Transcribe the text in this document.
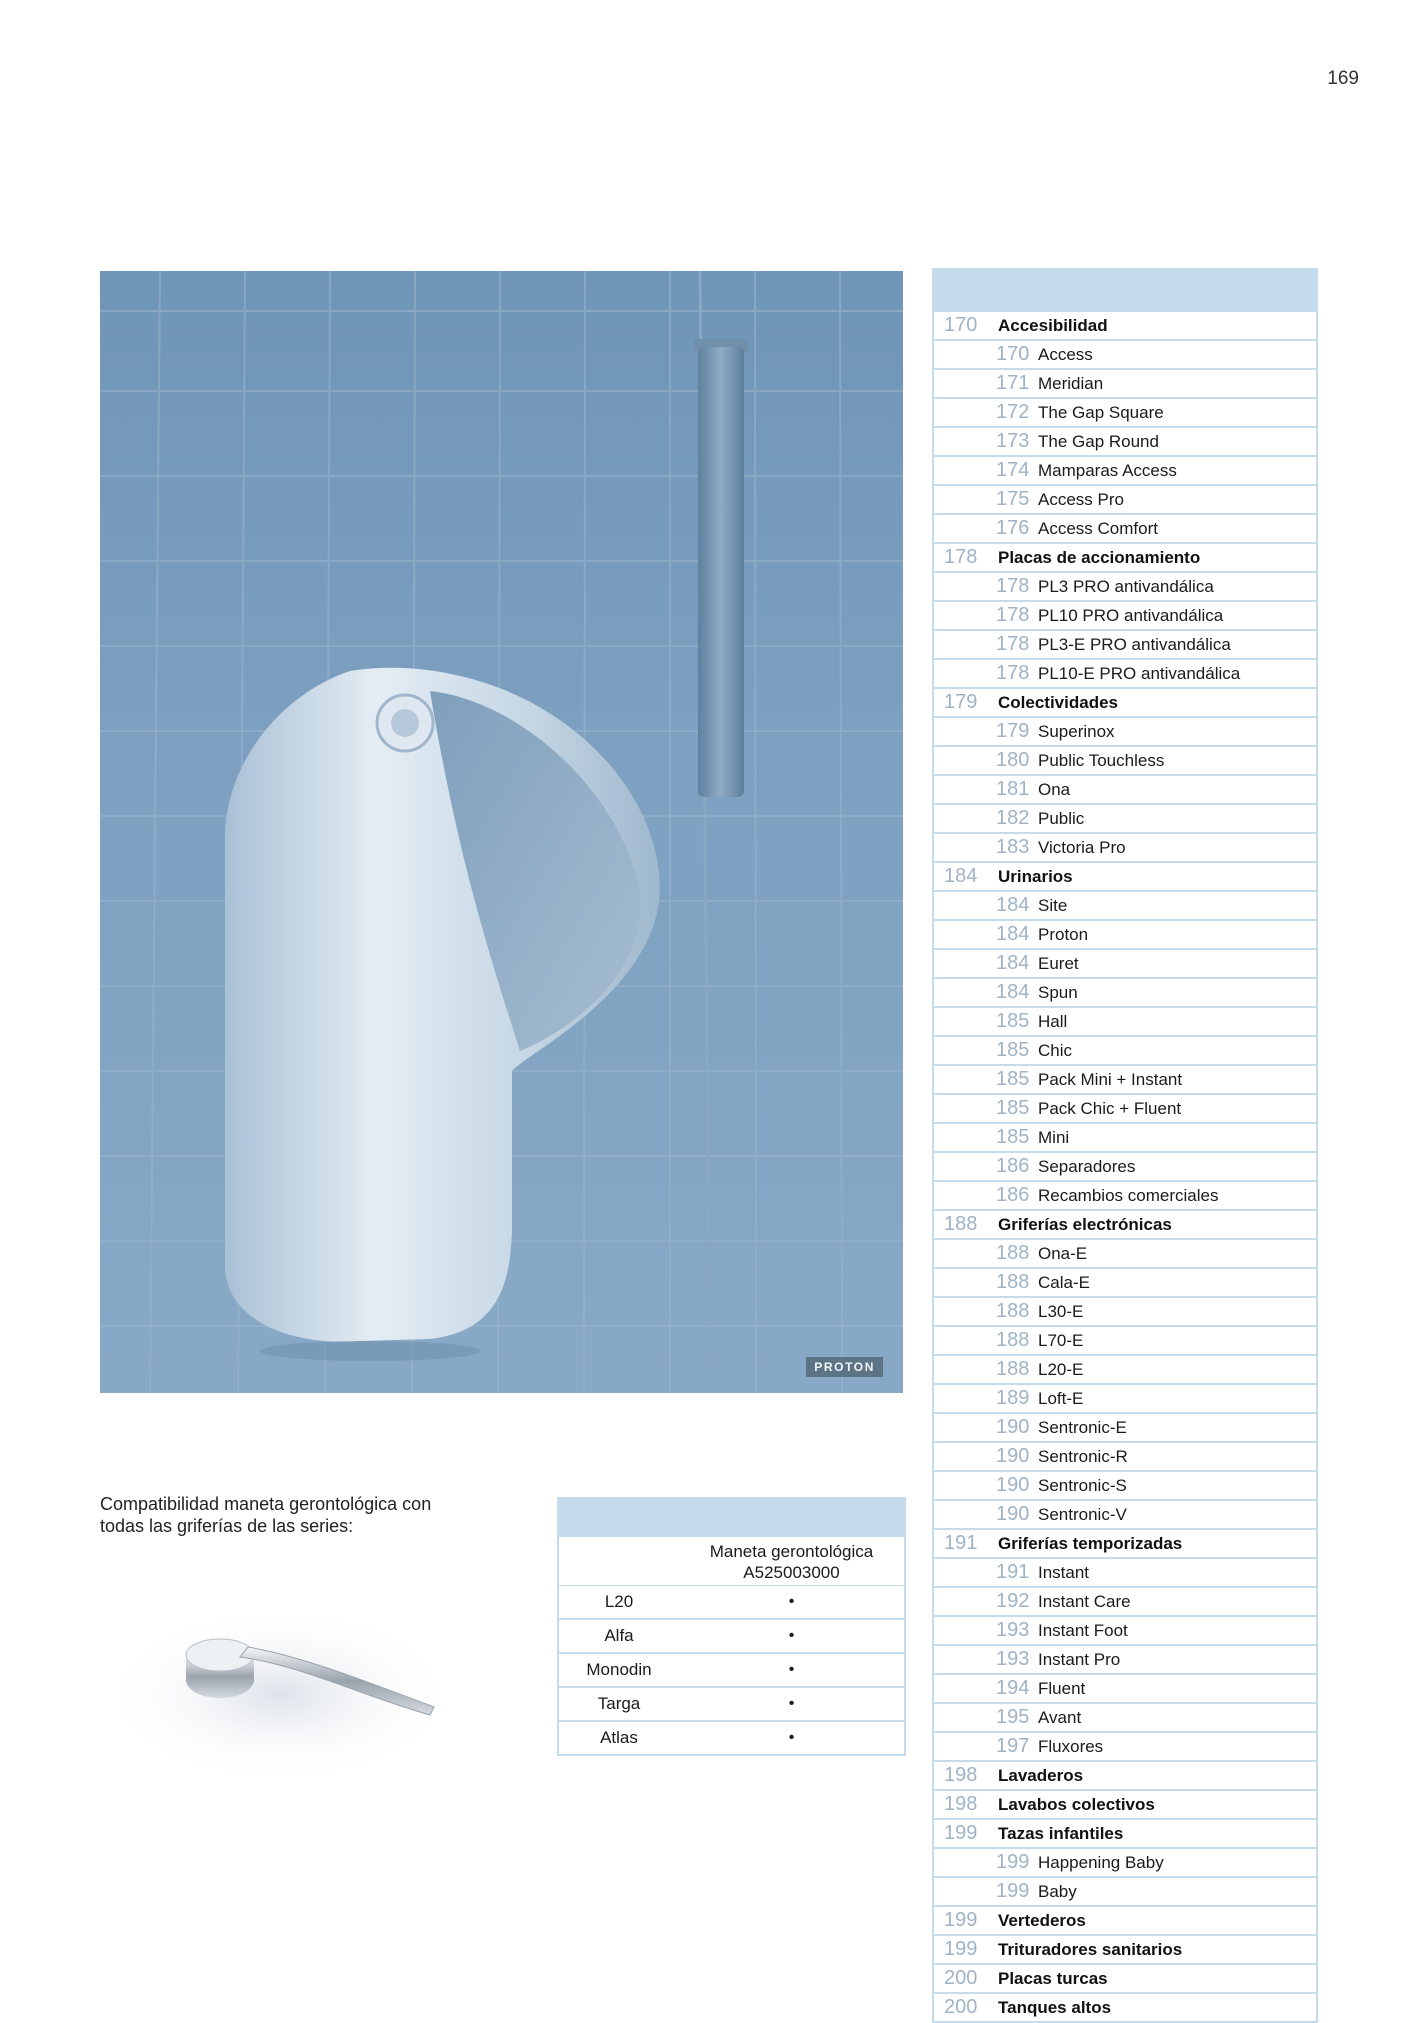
169
PROTON
Compatibilidad maneta gerontológica con todas las griferías de las series:
Maneta gerontológica A525003000
L20	•
Alfa	•
Monodin	•
Targa	•
Atlas	•
170	Accesibilidad
170 Access
171 Meridian
172 The Gap Square
173 The Gap Round
174 Mamparas Access
175 Access Pro
176 Access Comfort
178	Placas de accionamiento
178 PL3 PRO antivandálica
178 PL10 PRO antivandálica
178 PL3-E PRO antivandálica
178 PL10-E PRO antivandálica
179	Colectividades
179 Superinox
180 Public Touchless
181 Ona
182 Public
183 Victoria Pro
184	Urinarios
184 Site
184 Proton
184 Euret
184 Spun
185 Hall
185 Chic
185 Pack Mini + Instant
185 Pack Chic + Fluent
185 Mini
186 Separadores
186 Recambios comerciales
188	Griferías electrónicas
188 Ona-E
188 Cala-E
188 L30-E
188 L70-E
188 L20-E
189 Loft-E
190 Sentronic-E
190 Sentronic-R
190 Sentronic-S
190 Sentronic-V
191	Griferías temporizadas
191 Instant
192 Instant Care
193 Instant Foot
193 Instant Pro
194 Fluent
195 Avant
197 Fluxores
198	Lavaderos
198	Lavabos colectivos
199	Tazas infantiles
199 Happening Baby
199 Baby
199	Vertederos
199	Trituradores sanitarios
200	Placas turcas
200	Tanques altos
